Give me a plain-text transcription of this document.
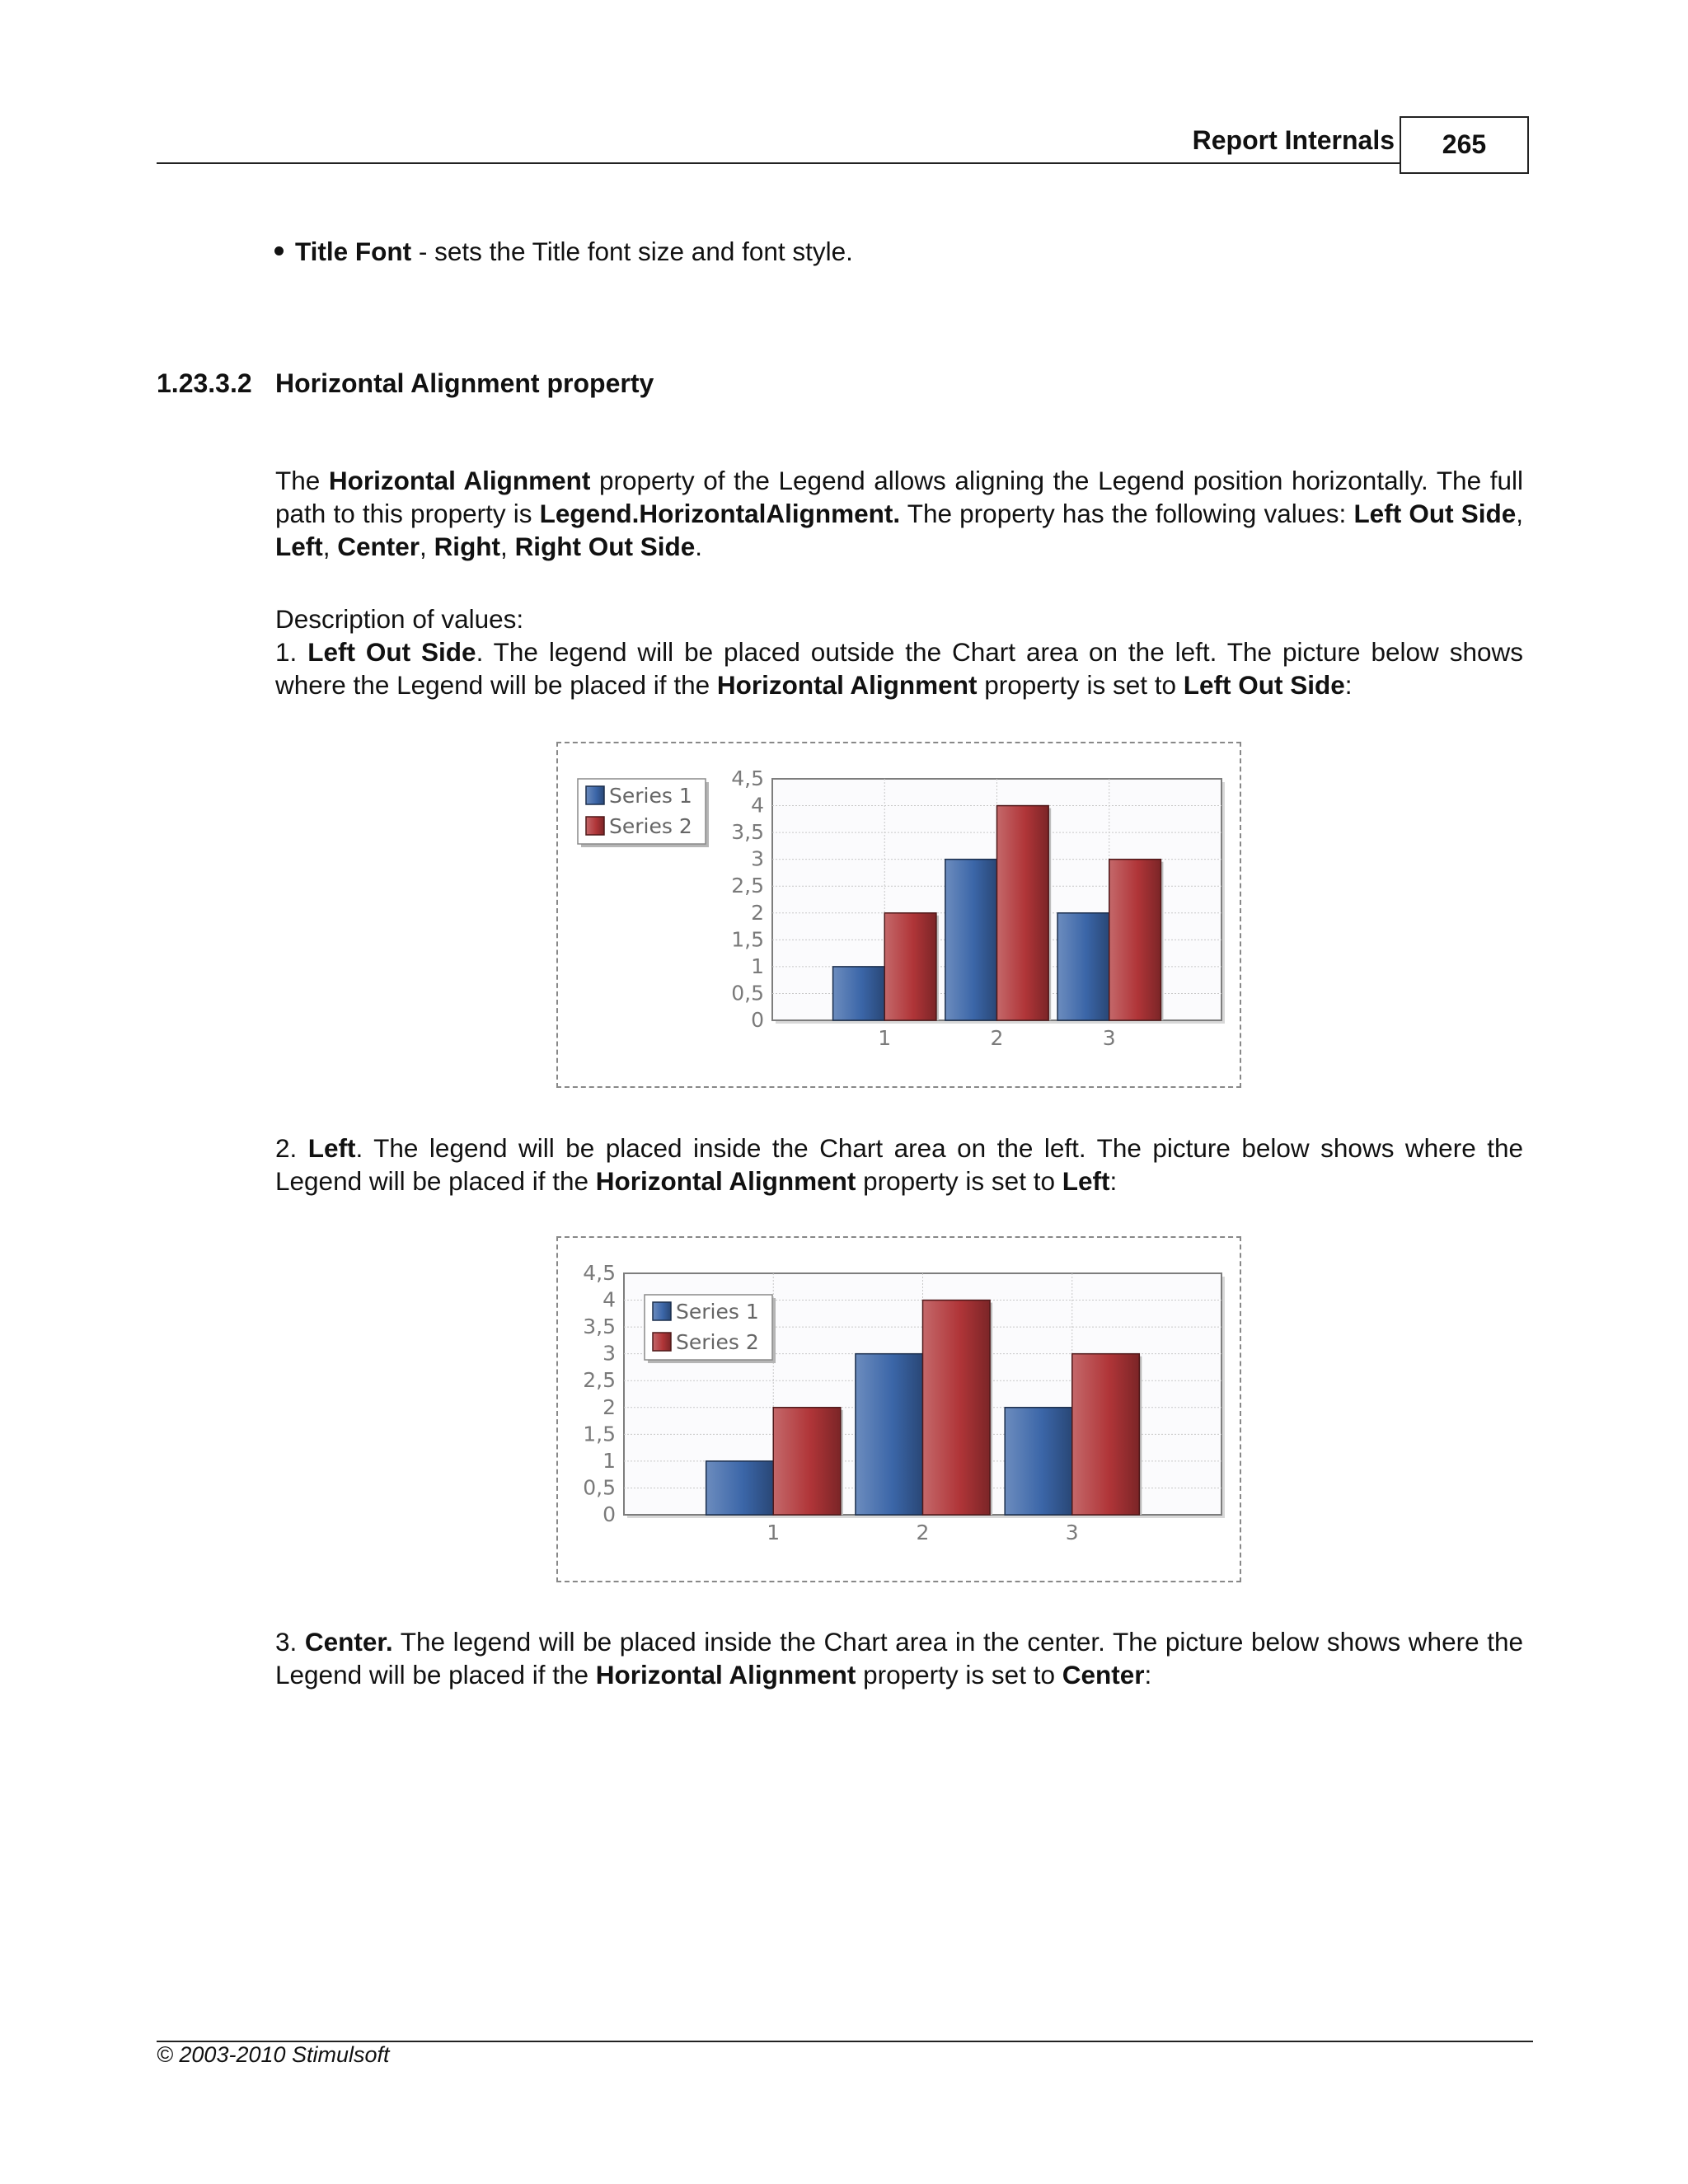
Report Internals	265
Title Font - sets the Title font size and font style.
1.23.3.2 Horizontal Alignment property
The Horizontal Alignment property of the Legend allows aligning the Legend position horizontally. The full path to this property is Legend.HorizontalAlignment. The property has the following values: Left Out Side, Left, Center, Right, Right Out Side.
Description of values:
1. Left Out Side. The legend will be placed outside the Chart area on the left. The picture below shows where the Legend will be placed if the Horizontal Alignment property is set to Left Out Side:
0
0,5
1
1,5
2
2,5
3
3,5
4
4,5
1	2	3
Series 1
Series 2
2. Left. The legend will be placed inside the Chart area on the left. The picture below shows where the Legend will be placed if the Horizontal Alignment property is set to Left:
0
0,5
1
1,5
2
2,5
3
3,5
4
4,5
1	2	3
Series 1
Series 2
3. Center. The legend will be placed inside the Chart area in the center. The picture below shows where the Legend will be placed if the Horizontal Alignment property is set to Center:
© 2003-2010 Stimulsoft
